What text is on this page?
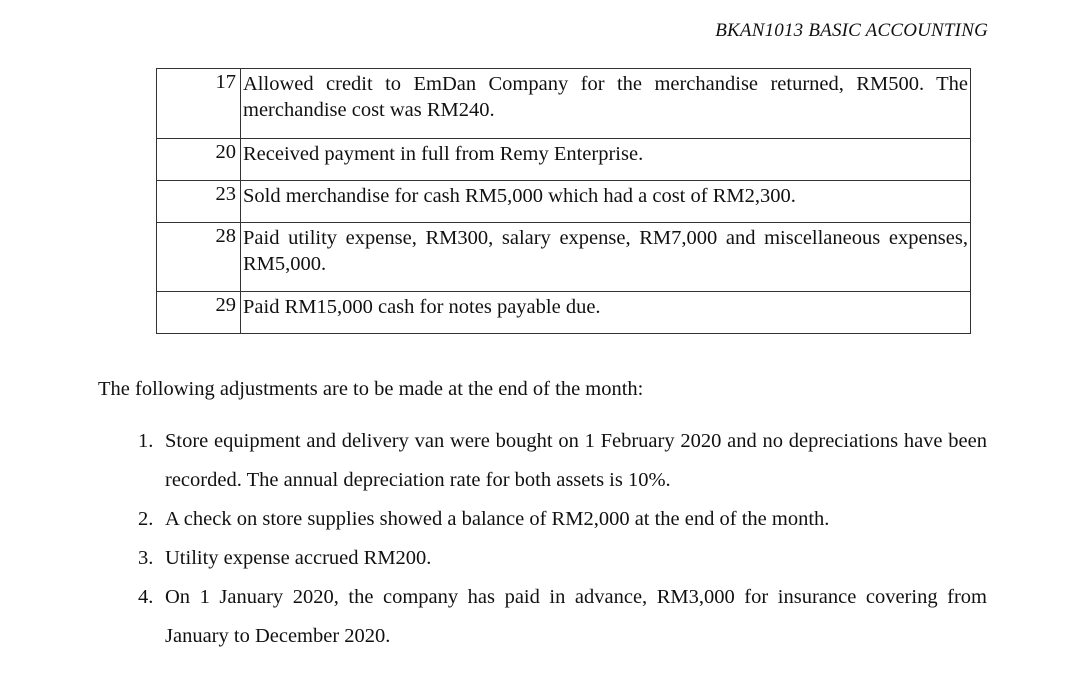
BKAN1013 BASIC ACCOUNTING
17	Allowed credit to EmDan Company for the merchandise returned, RM500. The merchandise cost was RM240.
20	Received payment in full from Remy Enterprise.
23	Sold merchandise for cash RM5,000 which had a cost of RM2,300.
28	Paid utility expense, RM300, salary expense, RM7,000 and miscellaneous expenses, RM5,000.
29	Paid RM15,000 cash for notes payable due.
The following adjustments are to be made at the end of the month:
1. Store equipment and delivery van were bought on 1 February 2020 and no depreciations have been recorded. The annual depreciation rate for both assets is 10%.
2. A check on store supplies showed a balance of RM2,000 at the end of the month.
3. Utility expense accrued RM200.
4. On 1 January 2020, the company has paid in advance, RM3,000 for insurance covering from January to December 2020.
